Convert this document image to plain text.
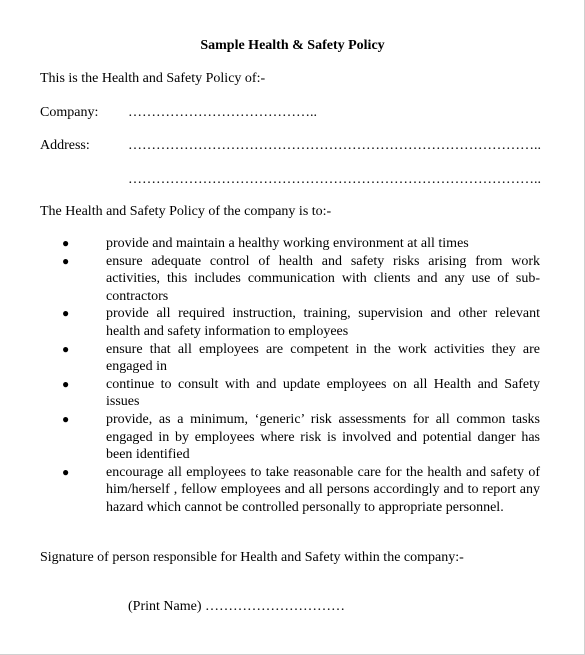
Sample Health & Safety Policy
This is the Health and Safety Policy of:-
Company: …………………………………..
Address:	……………………………………………………………………………..
……………………………………………………………………………..
The Health and Safety Policy of the company is to:-
●	provide and maintain a healthy working environment at all times
●	ensure adequate control of health and safety risks arising from work activities, this includes communication with clients and any use of sub-contractors
●	provide all required instruction, training, supervision and other relevant health and safety information to employees
●	ensure that all employees are competent in the work activities they are engaged in
●	continue to consult with and update employees on all Health and Safety issues
●	provide, as a minimum, ‘generic’ risk assessments for all common tasks engaged in by employees where risk is involved and potential danger has been identified
●	encourage all employees to take reasonable care for the health and safety of him/herself , fellow employees and all persons accordingly and to report any hazard which cannot be controlled personally to appropriate personnel.
Signature of person responsible for Health and Safety within the company:-
(Print Name) …………………………
